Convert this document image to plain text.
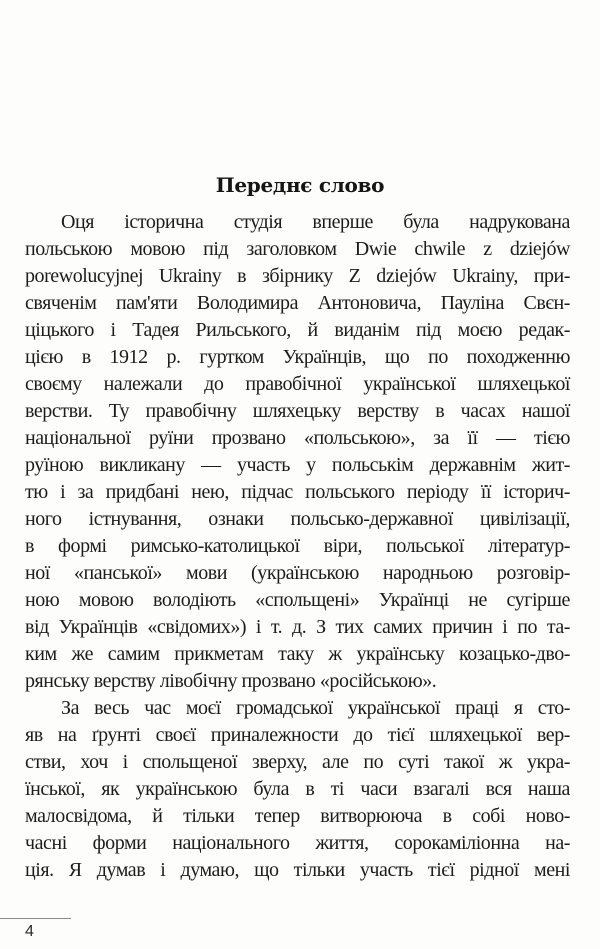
Переднє слово
Оця історична студія вперше була надрукована
польською мовою під заголовком Dwie chwile z dziejów
porewolucyjnej Ukrainy в збірнику Z dziejów Ukrainy, при-
свяченім пам'яти Володимира Антоновича, Пауліна Свєн-
ціцького і Тадея Рильського, й виданім під моєю редак-
цією в 1912 р. гуртком Українців, що по походженню
своєму належали до правобічної української шляхецької
верстви. Ту правобічну шляхецьку верству в часах нашої
національної руїни прозвано «польською», за її — тією
руїною викликану — участь у польськім державнім жит-
тю і за придбані нею, підчас польського періоду її історич-
ного істнування, ознаки польсько-державної цивілізації,
в формі римсько-католицької віри, польської літератур-
ної «панської» мови (українською народньою розговір-
ною мовою володіють «спольщені» Українці не сугірше
від Українців «свідомих») і т. д. З тих самих причин і по та-
ким же самим прикметам таку ж українську козацько-дво-
рянську верству лівобічну прозвано «російською».
За весь час моєї громадської української праці я сто-
яв на ґрунті своєї приналежности до тієї шляхецької вер-
стви, хоч і спольщеної зверху, але по суті такої ж укра-
їнської, як українською була в ті часи взагалі вся наша
малосвідома, й тільки тепер витворююча в собі ново-
часні форми національного життя, сорокаміліонна на-
ція. Я думав і думаю, що тільки участь тієї рідної мені
4
